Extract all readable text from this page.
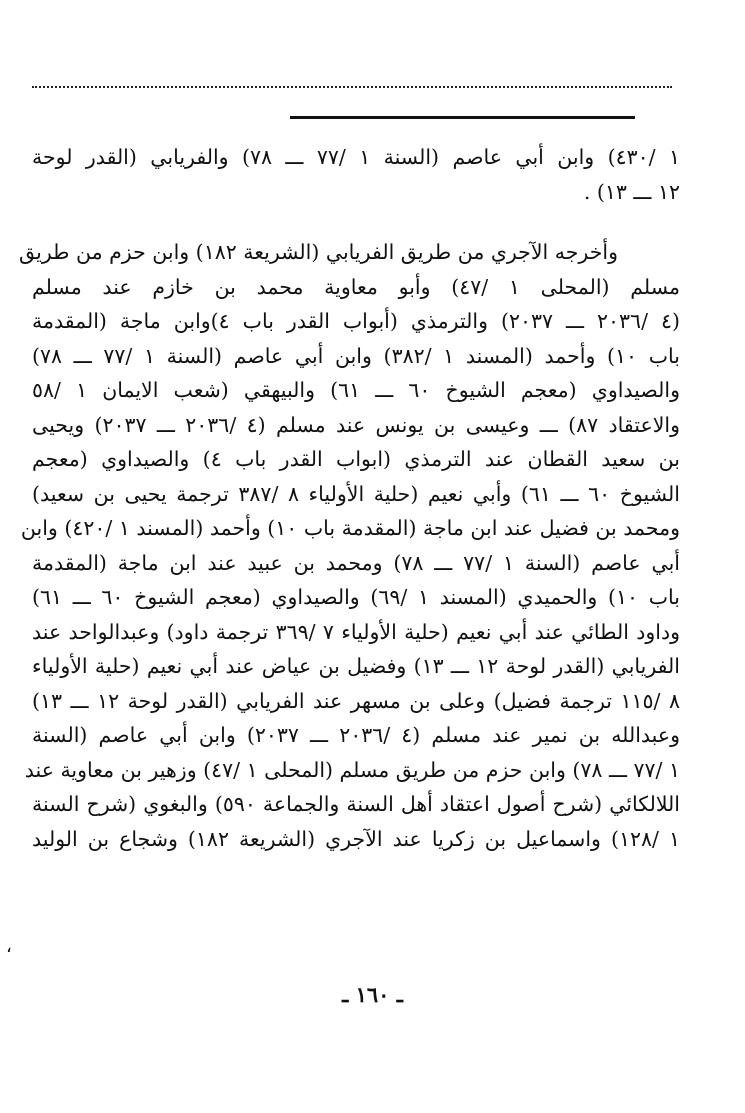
١ /٤٣٠) وابن أبي عاصم (السنة ١ /٧٧ ـــ ٧٨) والفريابي (القدر لوحة
١٢ ـــ ١٣) .
وأخرجه الآجري من طريق الفريابي (الشريعة ١٨٢) وابن حزم من طريق
مسلم (المحلى ١ /٤٧) وأبو معاوية محمد بن خازم عند مسلم
(٤ /٢٠٣٦ ـــ ٢٠٣٧) والترمذي (أبواب القدر باب ٤)وابن ماجة (المقدمة
باب ١٠) وأحمد (المسند ١ /٣٨٢) وابن أبي عاصم (السنة ١ /٧٧ ـــ ٧٨)
والصيداوي (معجم الشيوخ ٦٠ ـــ ٦١) والبيهقي (شعب الايمان ١ /٥٨
والاعتقاد ٨٧) ـــ وعيسى بن يونس عند مسلم (٤ /٢٠٣٦ ـــ ٢٠٣٧) ويحيى
بن سعيد القطان عند الترمذي (ابواب القدر باب ٤) والصيداوي (معجم
الشيوخ ٦٠ ـــ ٦١) وأبي نعيم (حلية الأولياء ٨ /٣٨٧ ترجمة يحيى بن سعيد)
ومحمد بن فضيل عند ابن ماجة (المقدمة باب ١٠) وأحمد (المسند ١ /٤٢٠) وابن
أبي عاصم (السنة ١ /٧٧ ـــ ٧٨) ومحمد بن عبيد عند ابن ماجة (المقدمة
باب ١٠) والحميدي (المسند ١ /٦٩) والصيداوي (معجم الشيوخ ٦٠ ـــ ٦١)
وداود الطائي عند أبي نعيم (حلية الأولياء ٧ /٣٦٩ ترجمة داود) وعبدالواحد عند
الفريابي (القدر لوحة ١٢ ـــ ١٣) وفضيل بن عياض عند أبي نعيم (حلية الأولياء
٨ /١١٥ ترجمة فضيل) وعلى بن مسهر عند الفريابي (القدر لوحة ١٢ ـــ ١٣)
وعبدالله بن نمير عند مسلم (٤ /٢٠٣٦ ـــ ٢٠٣٧) وابن أبي عاصم (السنة
١ /٧٧ ـــ ٧٨) وابن حزم من طريق مسلم (المحلى ١ /٤٧) وزهير بن معاوية عند
اللالكائي (شرح أصول اعتقاد أهل السنة والجماعة ٥٩٠) والبغوي (شرح السنة
١ /١٢٨) واسماعيل بن زكريا عند الآجري (الشريعة ١٨٢) وشجاع بن الوليد
،
ـ ١٦٠ ـ
